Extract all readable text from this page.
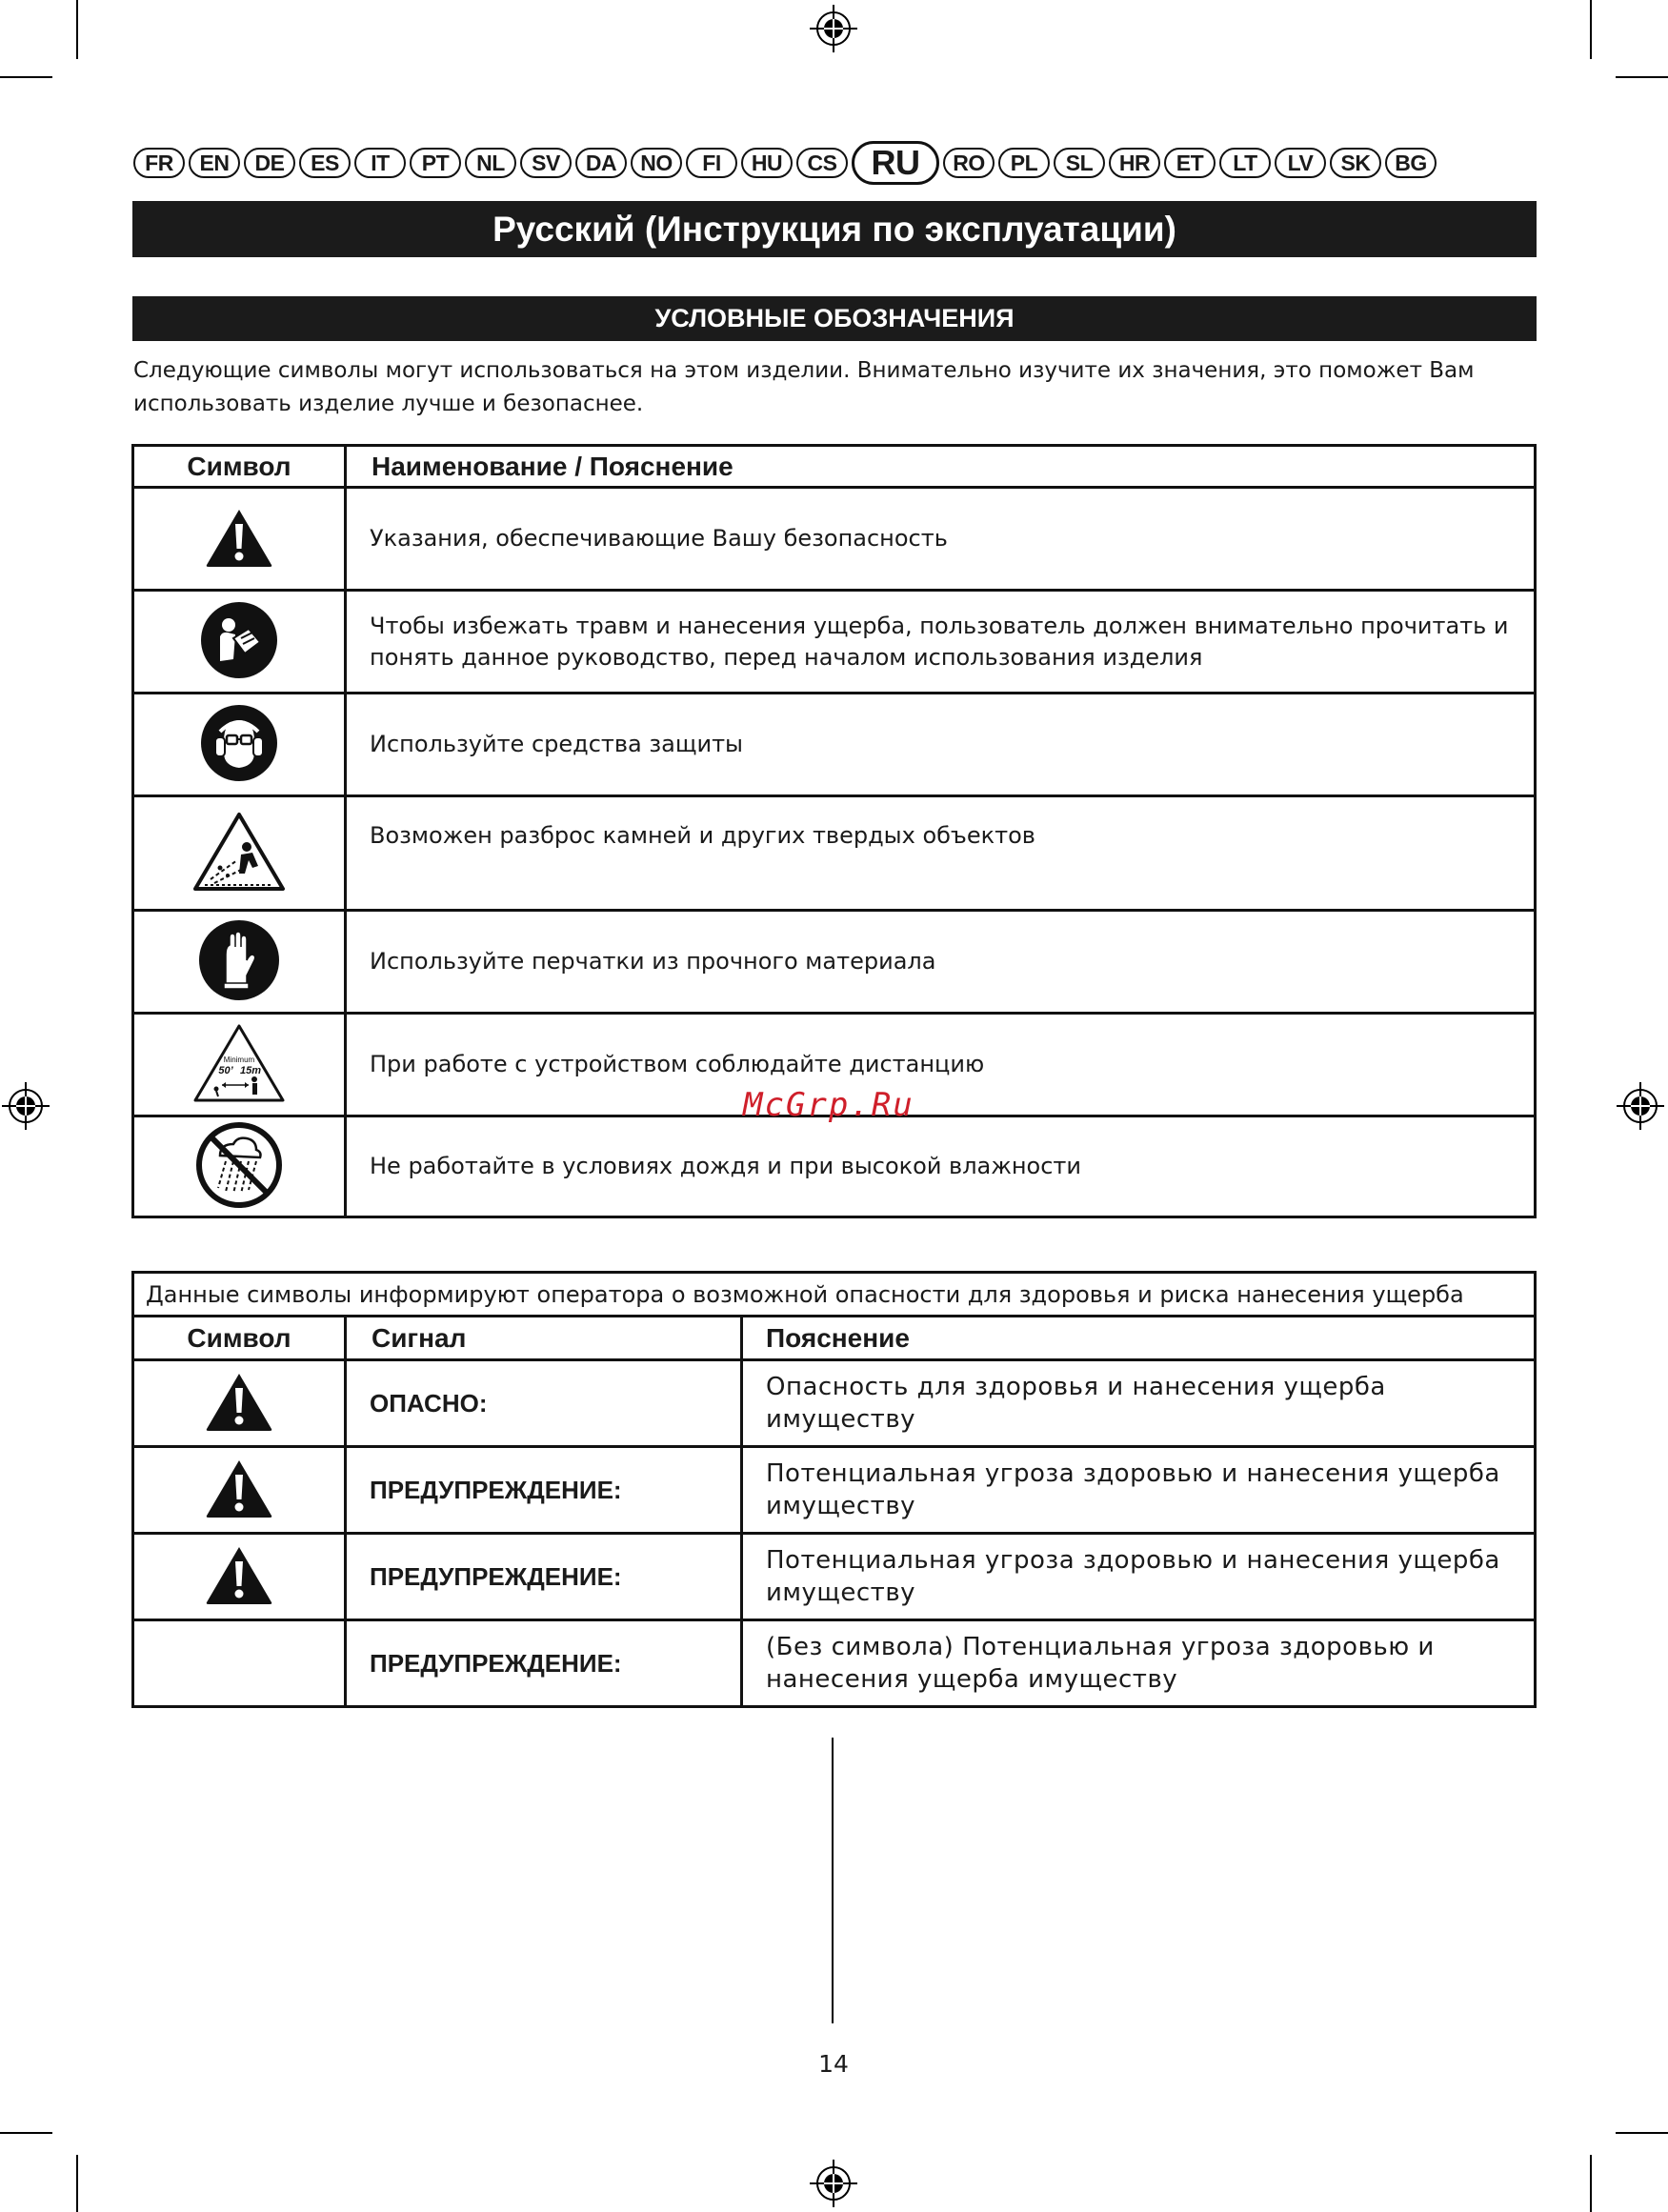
FR	EN	DE	ES	IT	PT	NL	SV	DA	NO	FI	HU	CS	RU	RO	PL	SL	HR	ET	LT	LV	SK	BG
Русский (Инструкция по эксплуатации)
УСЛОВНЫЕ ОБОЗНАЧЕНИЯ
Следующие символы могут использоваться на этом изделии. Внимательно изучите их значения, это поможет Вам использовать изделие лучше и безопаснее.
Символ	Наименование / Пояснение
	Указания, обеспечивающие Вашу безопасность
	Чтобы избежать травм и нанесения ущерба, пользователь должен внимательно прочитать и понять данное руководство, перед началом использования изделия
	Используйте средства защиты
	Возможен разброс камней и других твердых объектов
	Используйте перчатки из прочного материала

Minimum
50’ 15m	При работе с устройством соблюдайте дистанцию
	Не работайте в условиях дождя и при высокой влажности
McGrp.Ru
Данные символы информируют оператора о возможной опасности для здоровья и риска нанесения ущерба		
Символ	Сигнал	Пояснение
	ОПАСНО:	Опасность для здоровья и нанесения ущерба имуществу
	ПРЕДУПРЕЖДЕНИЕ:	Потенциальная угроза здоровью и нанесения ущерба имуществу
	ПРЕДУПРЕЖДЕНИЕ:	Потенциальная угроза здоровью и нанесения ущерба имуществу
	ПРЕДУПРЕЖДЕНИЕ:	(Без символа) Потенциальная угроза здоровью и нанесения ущерба имуществу
14
